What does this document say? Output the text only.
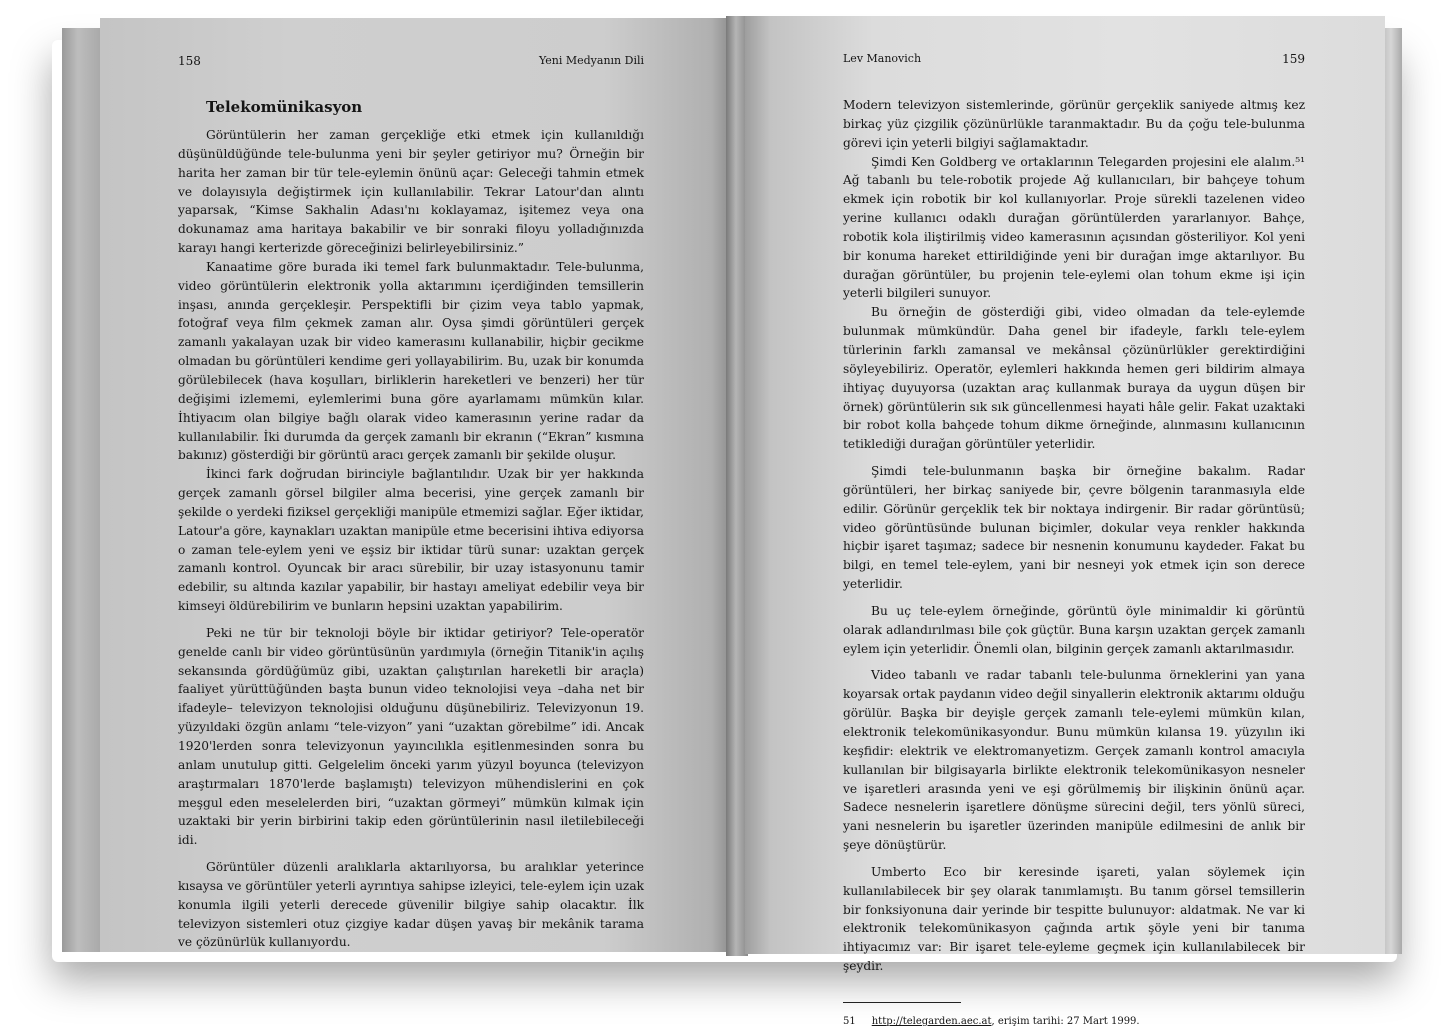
158	Yeni Medyanın Dili
Telekomünikasyon

Görüntülerin her zaman gerçekliğe etki etmek için kullanıldığı düşünüldüğünde tele-bulunma yeni bir şeyler getiriyor mu? Örneğin bir harita her zaman bir tür tele-eylemin önünü açar: Geleceği tahmin etmek ve dolayısıyla değiştirmek için kullanılabilir. Tekrar Latour'dan alıntı yaparsak, “Kimse Sakhalin Adası'nı koklayamaz, işitemez veya ona dokunamaz ama haritaya bakabilir ve bir sonraki filoyu yolladığınızda karayı hangi kerterizde göreceğinizi belirleyebilirsiniz.”

Kanaatime göre burada iki temel fark bulunmaktadır. Tele-bulunma, video görüntülerin elektronik yolla aktarımını içerdiğinden temsillerin inşası, anında gerçekleşir. Perspektifli bir çizim veya tablo yapmak, fotoğraf veya film çekmek zaman alır. Oysa şimdi görüntüleri gerçek zamanlı yakalayan uzak bir video kamerasını kullanabilir, hiçbir gecikme olmadan bu görüntüleri kendime geri yollayabilirim. Bu, uzak bir konumda görülebilecek (hava koşulları, birliklerin hareketleri ve benzeri) her tür değişimi izlememi, eylemlerimi buna göre ayarlamamı mümkün kılar. İhtiyacım olan bilgiye bağlı olarak video kamerasının yerine radar da kullanılabilir. İki durumda da gerçek zamanlı bir ekranın (“Ekran” kısmına bakınız) gösterdiği bir görüntü aracı gerçek zamanlı bir şekilde oluşur.

İkinci fark doğrudan birinciyle bağlantılıdır. Uzak bir yer hakkında gerçek zamanlı görsel bilgiler alma becerisi, yine gerçek zamanlı bir şekilde o yerdeki fiziksel gerçekliği manipüle etmemizi sağlar. Eğer iktidar, Latour'a göre, kaynakları uzaktan manipüle etme becerisini ihtiva ediyorsa o zaman tele-eylem yeni ve eşsiz bir iktidar türü sunar: uzaktan gerçek zamanlı kontrol. Oyuncak bir aracı sürebilir, bir uzay istasyonunu tamir edebilir, su altında kazılar yapabilir, bir hastayı ameliyat edebilir veya bir kimseyi öldürebilirim ve bunların hepsini uzaktan yapabilirim.

Peki ne tür bir teknoloji böyle bir iktidar getiriyor? Tele-operatör genelde canlı bir video görüntüsünün yardımıyla (örneğin Titanik'in açılış sekansında gördüğümüz gibi, uzaktan çalıştırılan hareketli bir araçla) faaliyet yürüttüğünden başta bunun video teknolojisi veya –daha net bir ifadeyle– televizyon teknolojisi olduğunu düşünebiliriz. Televizyonun 19. yüzyıldaki özgün anlamı “tele-vizyon” yani “uzaktan görebilme” idi. Ancak 1920'lerden sonra televizyonun yayıncılıkla eşitlenmesinden sonra bu anlam unutulup gitti. Gelgelelim önceki yarım yüzyıl boyunca (televizyon araştırmaları 1870'lerde başlamıştı) televizyon mühendislerini en çok meşgul eden meselelerden biri, “uzaktan görmeyi” mümkün kılmak için uzaktaki bir yerin birbirini takip eden görüntülerinin nasıl iletilebileceği idi.

Görüntüler düzenli aralıklarla aktarılıyorsa, bu aralıklar yeterince kısaysa ve görüntüler yeterli ayrıntıya sahipse izleyici, tele-eylem için uzak konumla ilgili yeterli derecede güvenilir bilgiye sahip olacaktır. İlk televizyon sistemleri otuz çizgiye kadar düşen yavaş bir mekânik tarama ve çözünürlük kullanıyordu.

Lev Manovich	159

Modern televizyon sistemlerinde, görünür gerçeklik saniyede altmış kez birkaç yüz çizgilik çözünürlükle taranmaktadır. Bu da çoğu tele-bulunma görevi için yeterli bilgiyi sağlamaktadır.

Şimdi Ken Goldberg ve ortaklarının Telegarden projesini ele alalım.⁵¹ Ağ tabanlı bu tele-robotik projede Ağ kullanıcıları, bir bahçeye tohum ekmek için robotik bir kol kullanıyorlar. Proje sürekli tazelenen video yerine kullanıcı odaklı durağan görüntülerden yararlanıyor. Bahçe, robotik kola iliştirilmiş video kamerasının açısından gösteriliyor. Kol yeni bir konuma hareket ettirildiğinde yeni bir durağan imge aktarılıyor. Bu durağan görüntüler, bu projenin tele-eylemi olan tohum ekme işi için yeterli bilgileri sunuyor.

Bu örneğin de gösterdiği gibi, video olmadan da tele-eylemde bulunmak mümkündür. Daha genel bir ifadeyle, farklı tele-eylem türlerinin farklı zamansal ve mekânsal çözünürlükler gerektirdiğini söyleyebiliriz. Operatör, eylemleri hakkında hemen geri bildirim almaya ihtiyaç duyuyorsa (uzaktan araç kullanmak buraya da uygun düşen bir örnek) görüntülerin sık sık güncellenmesi hayati hâle gelir. Fakat uzaktaki bir robot kolla bahçede tohum dikme örneğinde, alınmasını kullanıcının tetiklediği durağan görüntüler yeterlidir.

Şimdi tele-bulunmanın başka bir örneğine bakalım. Radar görüntüleri, her birkaç saniyede bir, çevre bölgenin taranmasıyla elde edilir. Görünür gerçeklik tek bir noktaya indirgenir. Bir radar görüntüsü; video görüntüsünde bulunan biçimler, dokular veya renkler hakkında hiçbir işaret taşımaz; sadece bir nesnenin konumunu kaydeder. Fakat bu bilgi, en temel tele-eylem, yani bir nesneyi yok etmek için son derece yeterlidir.

Bu uç tele-eylem örneğinde, görüntü öyle minimaldir ki görüntü olarak adlandırılması bile çok güçtür. Buna karşın uzaktan gerçek zamanlı eylem için yeterlidir. Önemli olan, bilginin gerçek zamanlı aktarılmasıdır.

Video tabanlı ve radar tabanlı tele-bulunma örneklerini yan yana koyarsak ortak paydanın video değil sinyallerin elektronik aktarımı olduğu görülür. Başka bir deyişle gerçek zamanlı tele-eylemi mümkün kılan, elektronik telekomünikasyondur. Bunu mümkün kılansa 19. yüzyılın iki keşfidir: elektrik ve elektromanyetizm. Gerçek zamanlı kontrol amacıyla kullanılan bir bilgisayarla birlikte elektronik telekomünikasyon nesneler ve işaretleri arasında yeni ve eşi görülmemiş bir ilişkinin önünü açar. Sadece nesnelerin işaretlere dönüşme sürecini değil, ters yönlü süreci, yani nesnelerin bu işaretler üzerinden manipüle edilmesini de anlık bir şeye dönüştürür.

Umberto Eco bir keresinde işareti, yalan söylemek için kullanılabilecek bir şey olarak tanımlamıştı. Bu tanım görsel temsillerin bir fonksiyonuna dair yerinde bir tespitte bulunuyor: aldatmak. Ne var ki elektronik telekomünikasyon çağında artık şöyle yeni bir tanıma ihtiyacımız var: Bir işaret tele-eyleme geçmek için kullanılabilecek bir şeydir.

51 http://telegarden.aec.at, erişim tarihi: 27 Mart 1999.
